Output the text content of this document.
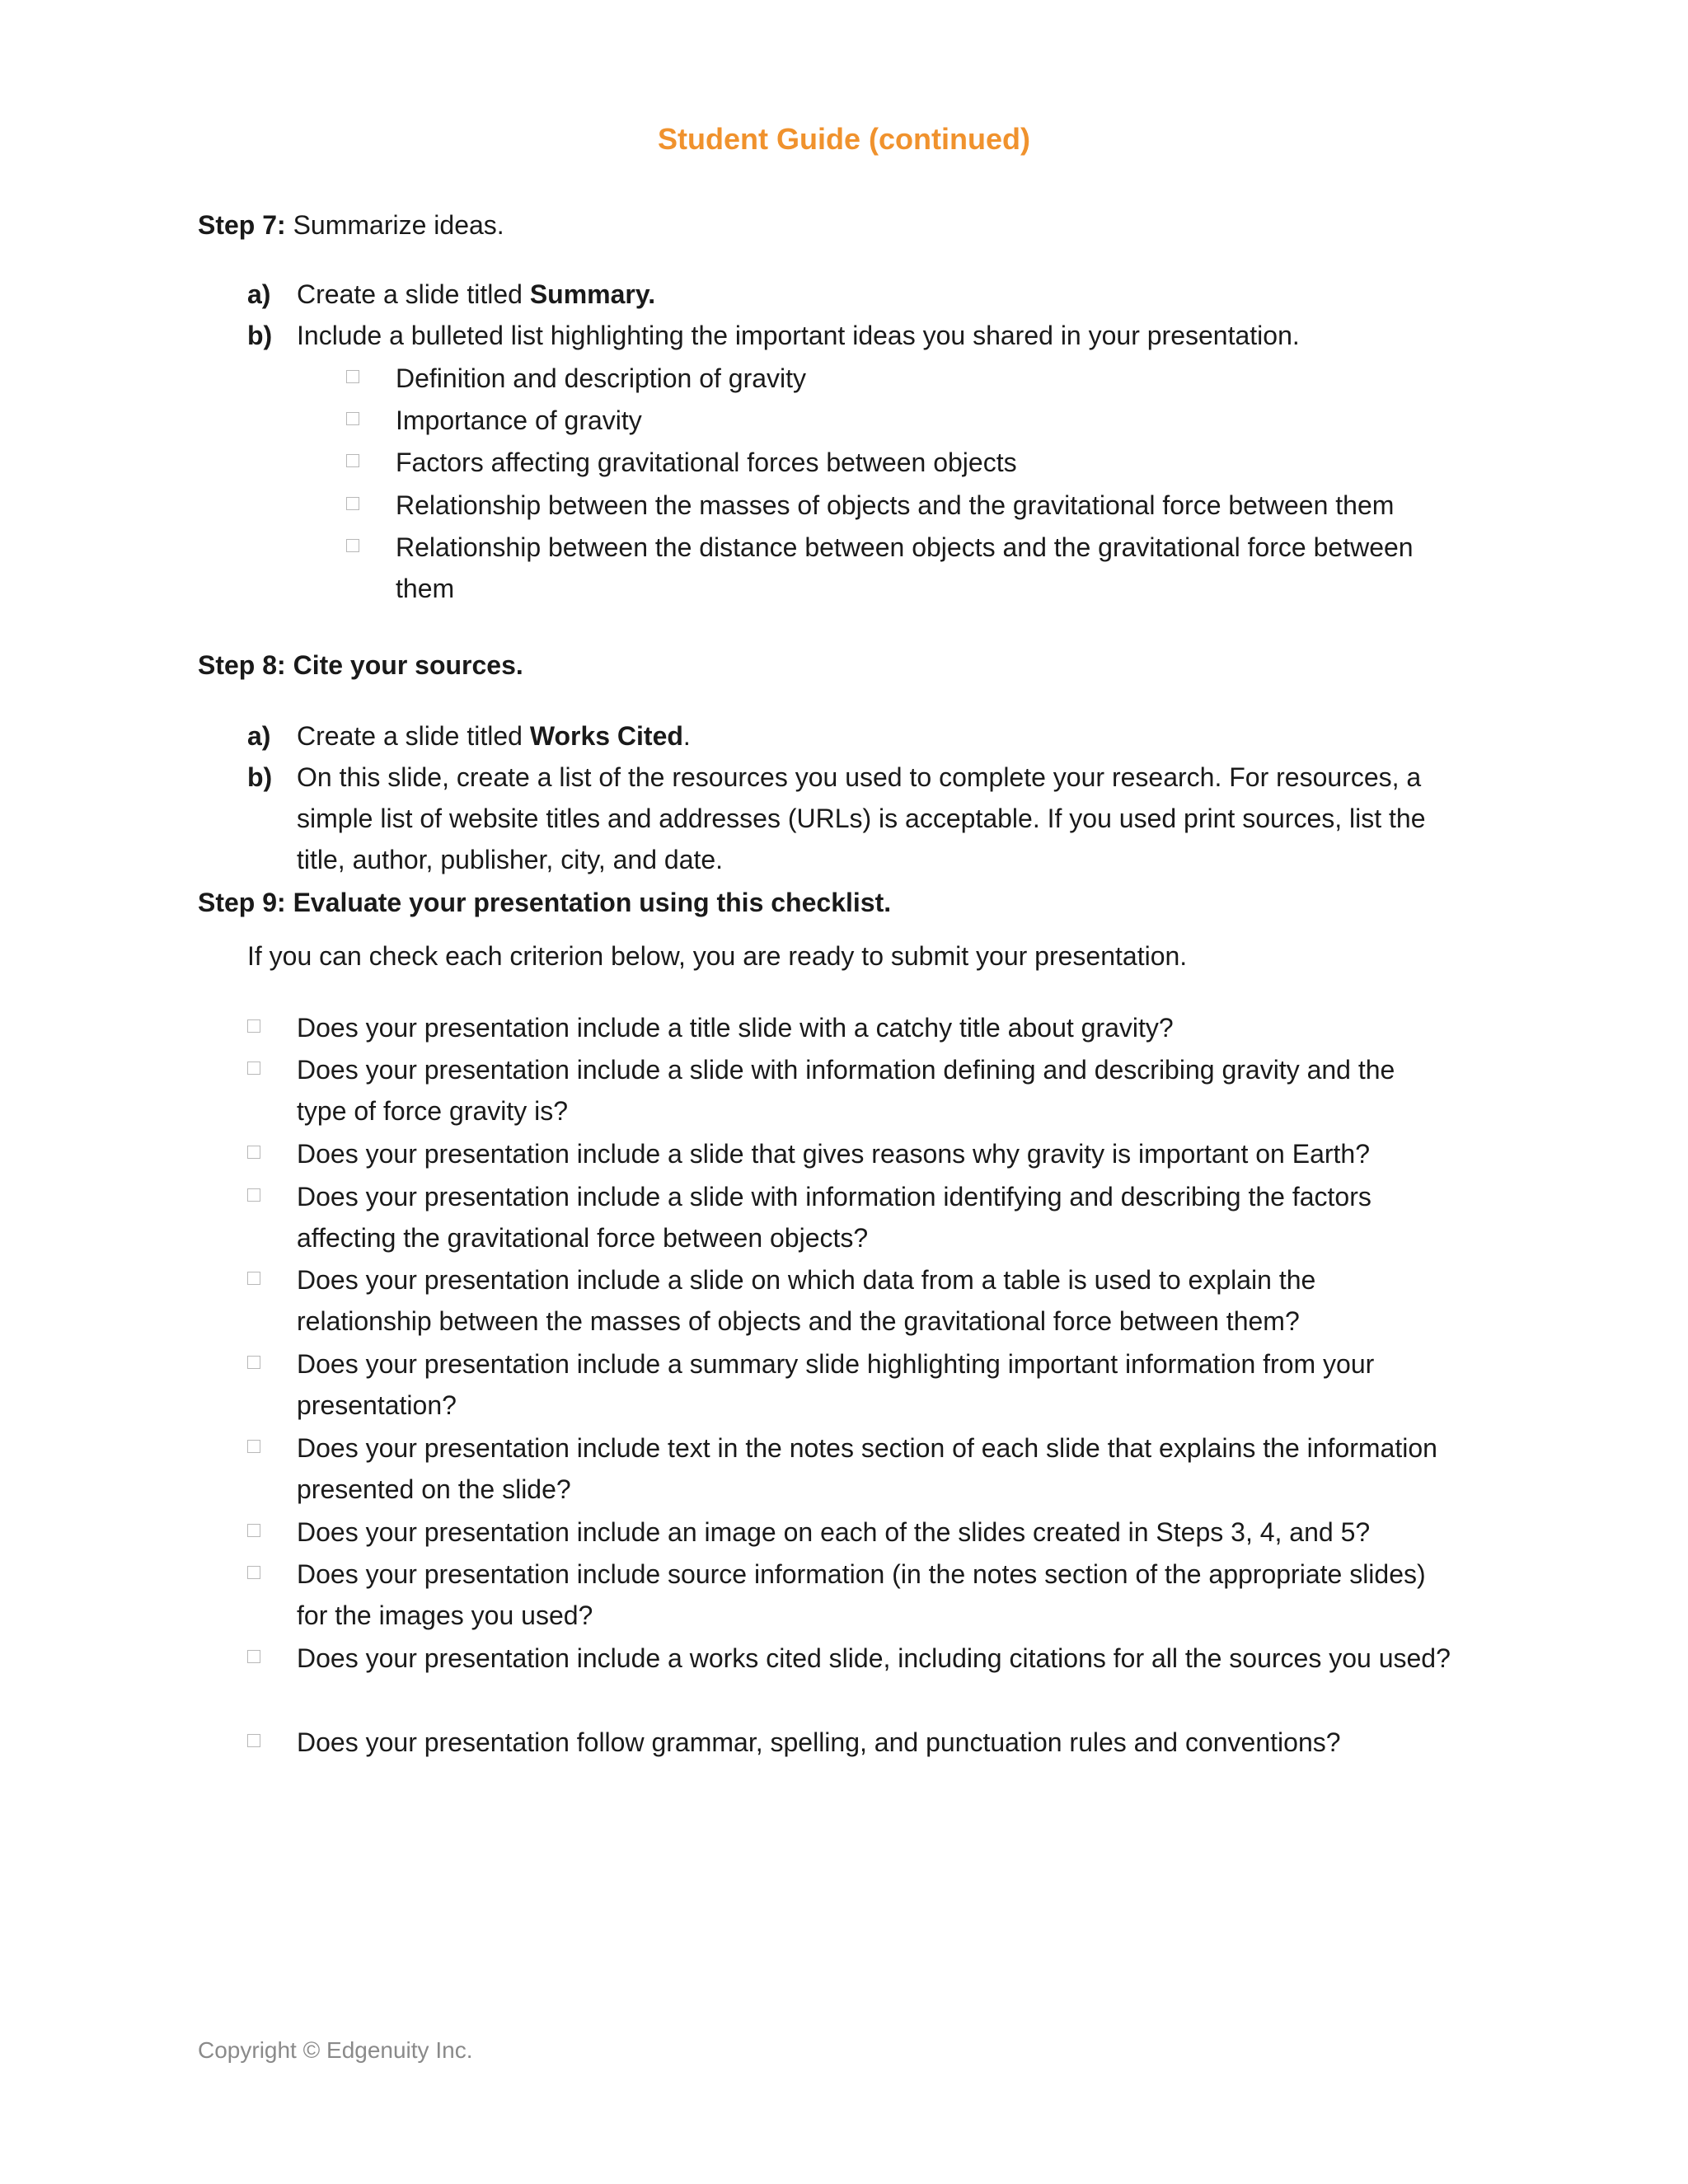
Student Guide (continued)
Step 7: Summarize ideas.
a) Create a slide titled Summary.
b) Include a bulleted list highlighting the important ideas you shared in your presentation.
Definition and description of gravity
Importance of gravity
Factors affecting gravitational forces between objects
Relationship between the masses of objects and the gravitational force between them
Relationship between the distance between objects and the gravitational force between them
Step 8: Cite your sources.
a) Create a slide titled Works Cited.
b) On this slide, create a list of the resources you used to complete your research. For resources, a simple list of website titles and addresses (URLs) is acceptable. If you used print sources, list the title, author, publisher, city, and date.
Step 9: Evaluate your presentation using this checklist.
If you can check each criterion below, you are ready to submit your presentation.
Does your presentation include a title slide with a catchy title about gravity?
Does your presentation include a slide with information defining and describing gravity and the type of force gravity is?
Does your presentation include a slide that gives reasons why gravity is important on Earth?
Does your presentation include a slide with information identifying and describing the factors affecting the gravitational force between objects?
Does your presentation include a slide on which data from a table is used to explain the relationship between the masses of objects and the gravitational force between them?
Does your presentation include a summary slide highlighting important information from your presentation?
Does your presentation include text in the notes section of each slide that explains the information presented on the slide?
Does your presentation include an image on each of the slides created in Steps 3, 4, and 5?
Does your presentation include source information (in the notes section of the appropriate slides) for the images you used?
Does your presentation include a works cited slide, including citations for all the sources you used?
Does your presentation follow grammar, spelling, and punctuation rules and conventions?
Copyright © Edgenuity Inc.
